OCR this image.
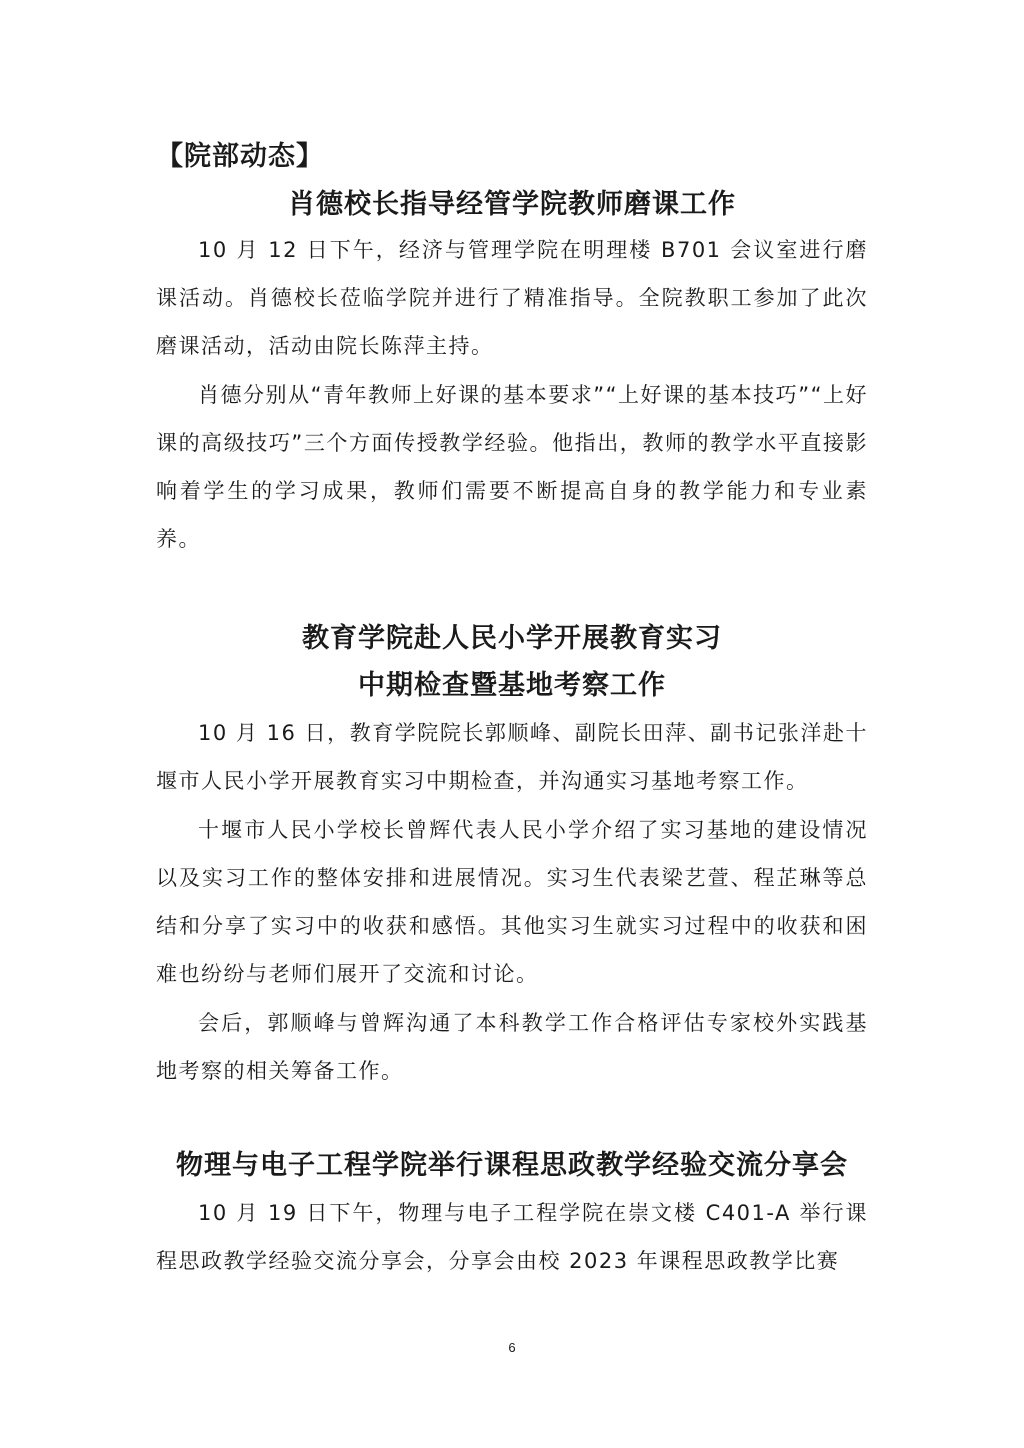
【院部动态】
肖德校长指导经管学院教师磨课工作

10 月 12 日下午，经济与管理学院在明理楼 B701 会议室进行磨课活动。肖德校长莅临学院并进行了精准指导。全院教职工参加了此次磨课活动，活动由院长陈萍主持。

肖德分别从“青年教师上好课的基本要求”“上好课的基本技巧”“上好课的高级技巧”三个方面传授教学经验。他指出，教师的教学水平直接影响着学生的学习成果，教师们需要不断提高自身的教学能力和专业素养。

教育学院赴人民小学开展教育实习
中期检查暨基地考察工作

10 月 16 日，教育学院院长郭顺峰、副院长田萍、副书记张洋赴十堰市人民小学开展教育实习中期检查，并沟通实习基地考察工作。

十堰市人民小学校长曾辉代表人民小学介绍了实习基地的建设情况以及实习工作的整体安排和进展情况。实习生代表梁艺萱、程芷琳等总结和分享了实习中的收获和感悟。其他实习生就实习过程中的收获和困难也纷纷与老师们展开了交流和讨论。

会后，郭顺峰与曾辉沟通了本科教学工作合格评估专家校外实践基地考察的相关筹备工作。

物理与电子工程学院举行课程思政教学经验交流分享会

10 月 19 日下午，物理与电子工程学院在崇文楼 C401-A 举行课程思政教学经验交流分享会，分享会由校 2023 年课程思政教学比赛

6
